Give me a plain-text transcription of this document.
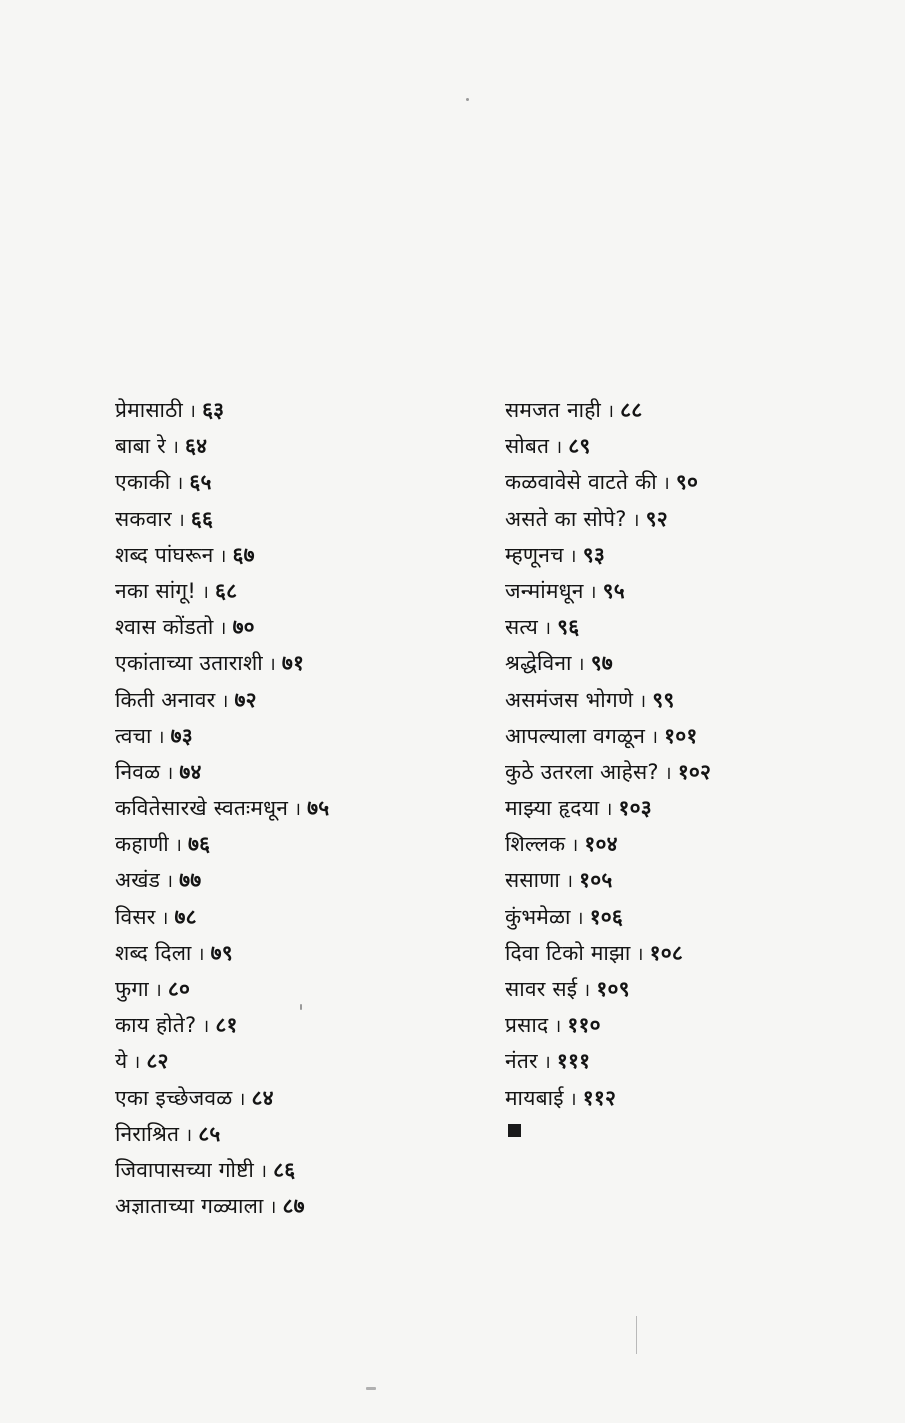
प्रेमासाठी । ६३
बाबा रे । ६४
एकाकी । ६५
सकवार । ६६
शब्द पांघरून । ६७
नका सांगू! । ६८
श्वास कोंडतो । ७०
एकांताच्या उताराशी । ७१
किती अनावर । ७२
त्वचा । ७३
निवळ । ७४
कवितेसारखे स्वतःमधून । ७५
कहाणी । ७६
अखंड । ७७
विसर । ७८
शब्द दिला । ७९
फुगा । ८०
काय होते? । ८१
ये । ८२
एका इच्छेजवळ । ८४
निराश्रित । ८५
जिवापासच्या गोष्टी । ८६
अज्ञाताच्या गळ्याला । ८७
समजत नाही । ८८
सोबत । ८९
कळवावेसे वाटते की । ९०
असते का सोपे? । ९२
म्हणूनच । ९३
जन्मांमधून । ९५
सत्य । ९६
श्रद्धेविना । ९७
असमंजस भोगणे । ९९
आपल्याला वगळून । १०१
कुठे उतरला आहेस? । १०२
माझ्या हृदया । १०३
शिल्लक । १०४
ससाणा । १०५
कुंभमेळा । १०६
दिवा टिको माझा । १०८
सावर सई । १०९
प्रसाद । ११०
नंतर । १११
मायबाई । ११२
